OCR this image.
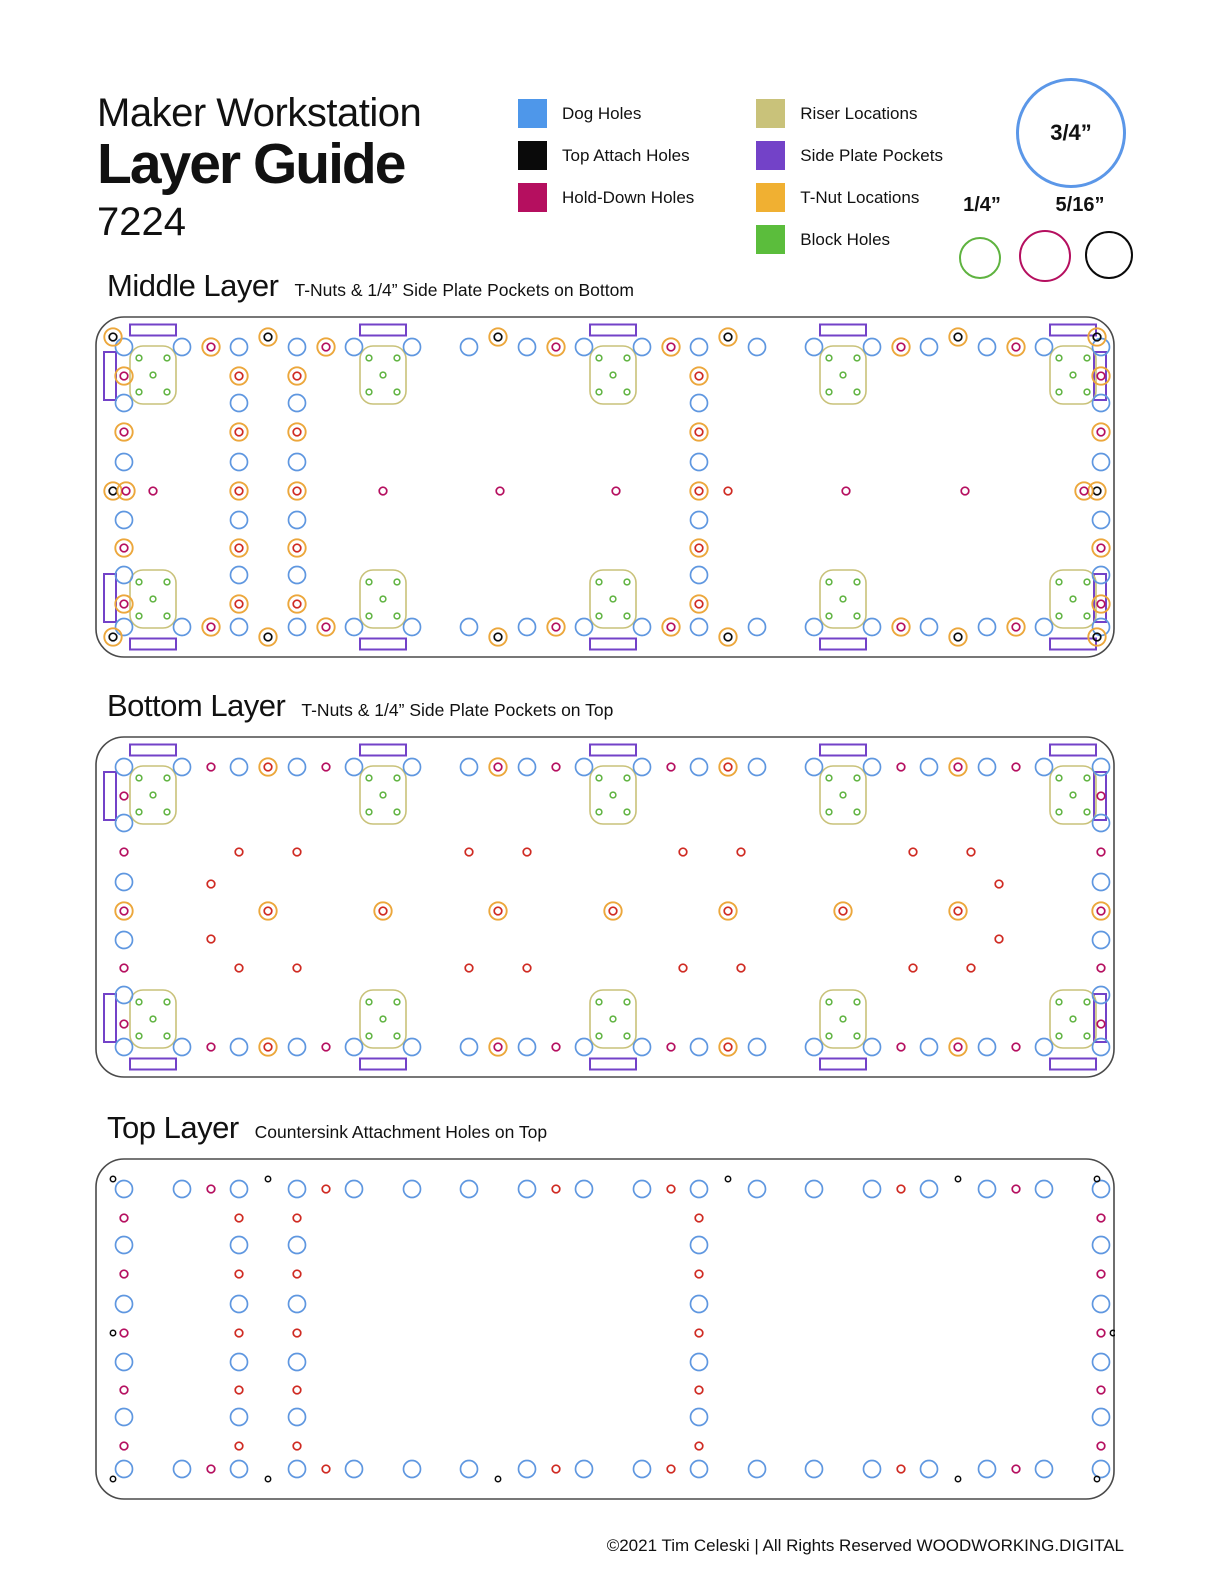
Maker Workstation
Layer Guide
7224
Dog Holes
Top Attach Holes
Hold-Down Holes
Riser Locations
Side Plate Pockets
T-Nut Locations
Block Holes
3/4”
1/4”	5/16”
Middle Layer T-Nuts & 1/4” Side Plate Pockets on Bottom
Bottom Layer T-Nuts & 1/4” Side Plate Pockets on Top
Top Layer Countersink Attachment Holes on Top
©2021 Tim Celeski | All Rights Reserved WOODWORKING.DIGITAL
